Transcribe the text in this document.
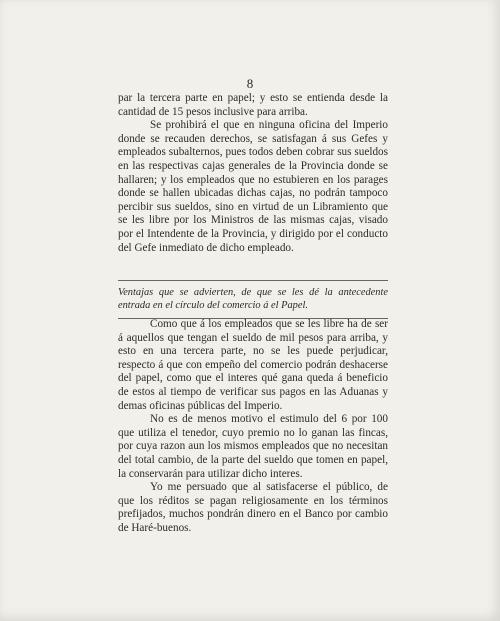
8

par la tercera parte en papel; y esto se entienda desde la cantidad de 15 pesos inclusive para arriba.

Se prohibirá el que en ninguna oficina del Imperio donde se recauden derechos, se satisfagan á sus Gefes y empleados subalternos, pues todos deben cobrar sus sueldos en las respectivas cajas generales de la Provincia donde se hallaren; y los empleados que no estubieren en los parages donde se hallen ubicadas dichas cajas, no podrán tampoco percibir sus sueldos, sino en virtud de un Libramiento que se les libre por los Ministros de las mismas cajas, visado por el Intendente de la Provincia, y dirigido por el conducto del Gefe inmediato de dicho empleado.

Ventajas que se advierten, de que se les dé la antecedente entrada en el círculo del comercio á el Papel.

Como que á los empleados que se les libre ha de ser á aquellos que tengan el sueldo de mil pesos para arriba, y esto en una tercera parte, no se les puede perjudicar, respecto á que con empeño del comercio podrán deshacerse del papel, como que el interes qué gana queda á beneficio de estos al tiempo de verificar sus pagos en las Aduanas y demas oficinas públicas del Imperio.

No es de menos motivo el estimulo del 6 por 100 que utiliza el tenedor, cuyo premio no lo ganan las fincas, por cuya razon aun los mismos empleados que no necesitan del total cambio, de la parte del sueldo que tomen en papel, la conservarán para utilizar dicho interes.

Yo me persuado que al satisfacerse el público, de que los réditos se pagan religiosamente en los términos prefijados, muchos pondrán dinero en el Banco por cambio de Haré-buenos.
